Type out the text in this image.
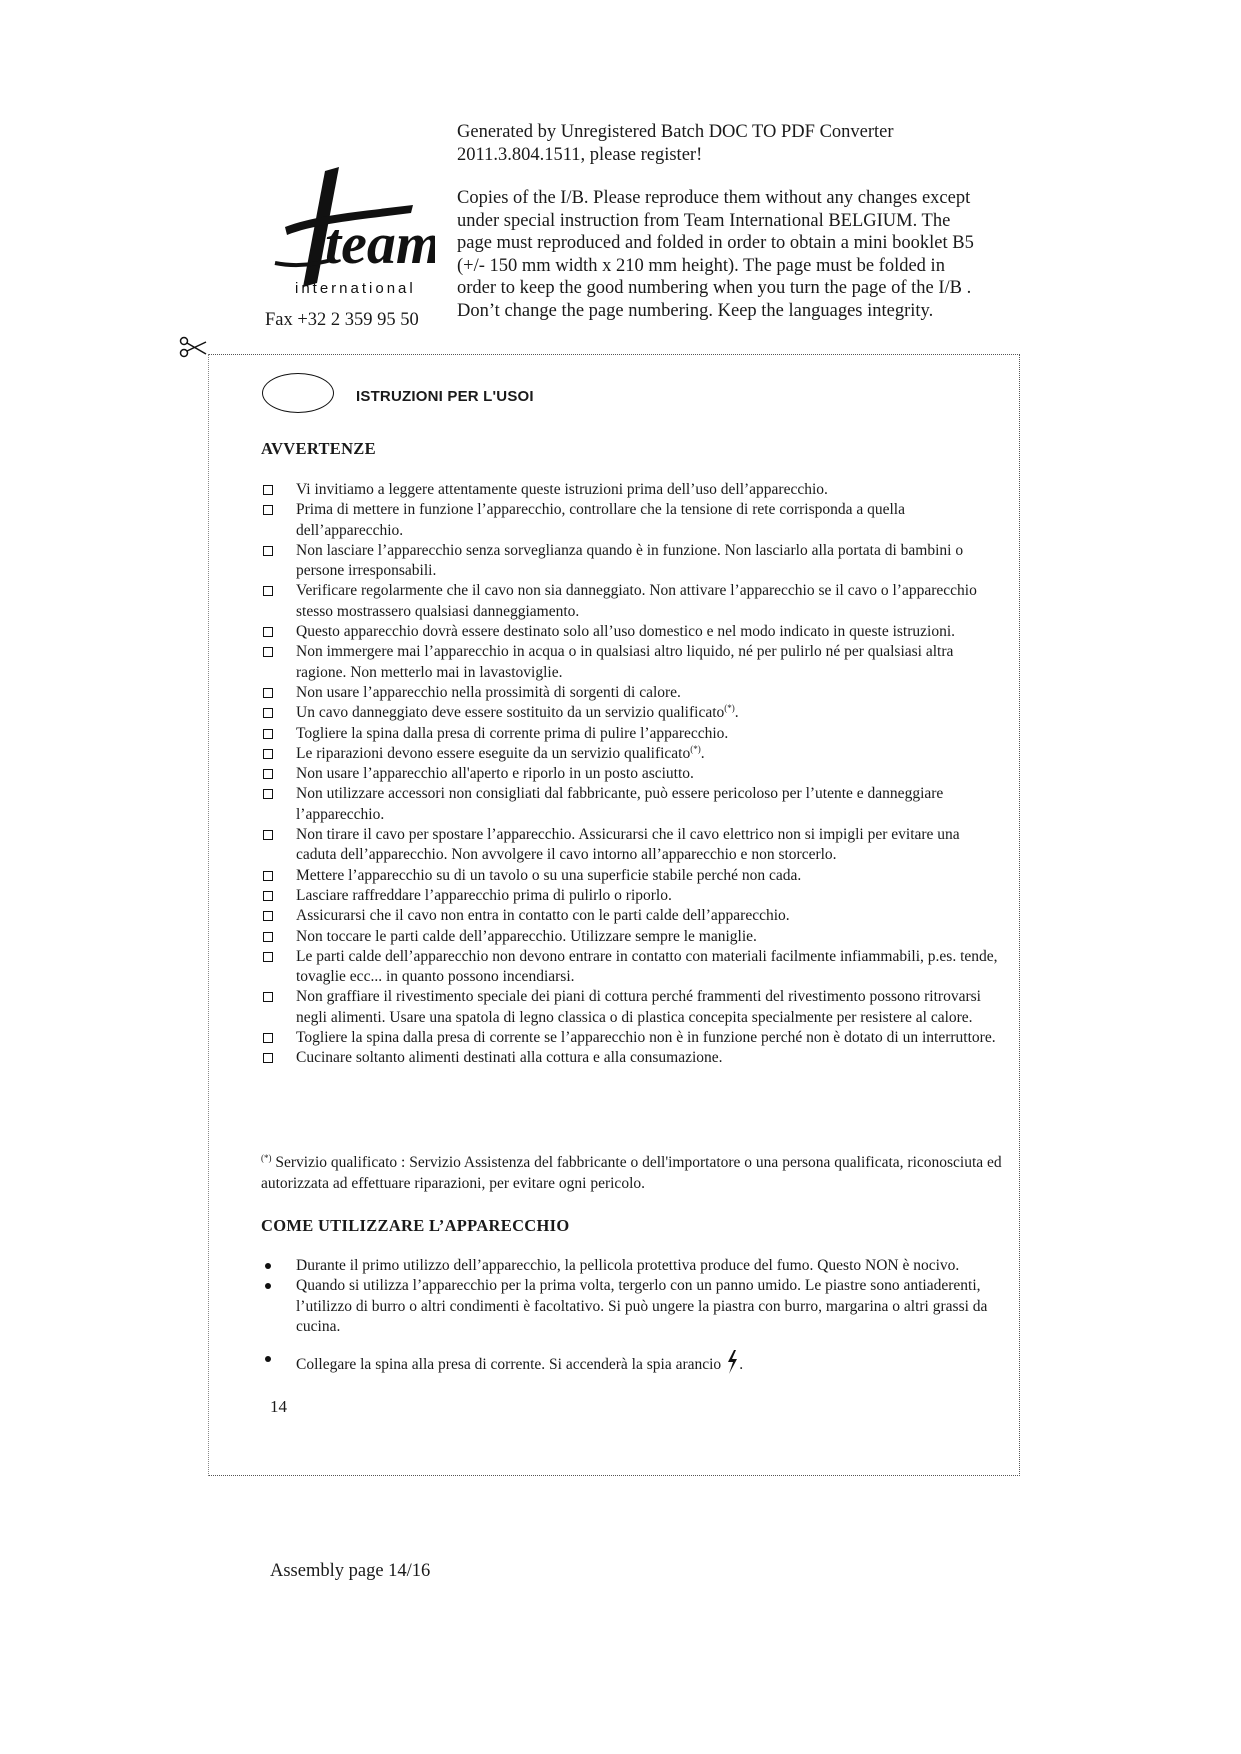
Generated by Unregistered Batch DOC TO PDF Converter

2011.3.804.1511, please register!

Copies of the I/B. Please reproduce them without any changes except under special instruction from Team International BELGIUM. The page must reproduced and folded in order to obtain a mini booklet B5 (+/- 150 mm width x 210 mm height). The page must be folded in order to keep the good numbering when you turn the page of the I/B . Don’t change the page numbering. Keep the languages integrity.

team
international
Fax +32 2 359 95 50
ISTRUZIONI PER L'USOI
AVVERTENZE
Vi invitiamo a leggere attentamente queste istruzioni prima dell’uso dell’apparecchio.
Prima di mettere in funzione l’apparecchio, controllare che la tensione di rete corrisponda a quella dell’apparecchio.
Non lasciare l’apparecchio senza sorveglianza quando è in funzione. Non lasciarlo alla portata di bambini o persone irresponsabili.
Verificare regolarmente che il cavo non sia danneggiato. Non attivare l’apparecchio se il cavo o l’apparecchio stesso mostrassero qualsiasi danneggiamento.
Questo apparecchio dovrà essere destinato solo all’uso domestico e nel modo indicato in queste istruzioni.
Non immergere mai l’apparecchio in acqua o in qualsiasi altro liquido, né per pulirlo né per qualsiasi altra ragione. Non metterlo mai in lavastoviglie.
Non usare l’apparecchio nella prossimità di sorgenti di calore.
Un cavo danneggiato deve essere sostituito da un servizio qualificato(*).
Togliere la spina dalla presa di corrente prima di pulire l’apparecchio.
Le riparazioni devono essere eseguite da un servizio qualificato(*).
Non usare l’apparecchio all'aperto e riporlo in un posto asciutto.
Non utilizzare accessori non consigliati dal fabbricante, può essere pericoloso per l’utente e danneggiare l’apparecchio.
Non tirare il cavo per spostare l’apparecchio. Assicurarsi che il cavo elettrico non si impigli per evitare una caduta dell’apparecchio. Non avvolgere il cavo intorno all’apparecchio e non storcerlo.
Mettere l’apparecchio su di un tavolo o su una superficie stabile perché non cada.
Lasciare raffreddare l’apparecchio prima di pulirlo o riporlo.
Assicurarsi che il cavo non entra in contatto con le parti calde dell’apparecchio.
Non toccare le parti calde dell’apparecchio. Utilizzare sempre le maniglie.
Le parti calde dell’apparecchio non devono entrare in contatto con materiali facilmente infiammabili, p.es. tende, tovaglie ecc... in quanto possono incendiarsi.
Non graffiare il rivestimento speciale dei piani di cottura perché frammenti del rivestimento possono ritrovarsi negli alimenti. Usare una spatola di legno classica o di plastica concepita specialmente per resistere al calore.
Togliere la spina dalla presa di corrente se l’apparecchio non è in funzione perché non è dotato di un interruttore.
Cucinare soltanto alimenti destinati alla cottura e alla consumazione.
(*) Servizio qualificato : Servizio Assistenza del fabbricante o dell'importatore o una persona qualificata, riconosciuta ed autorizzata ad effettuare riparazioni, per evitare ogni pericolo.
COME UTILIZZARE L’APPARECCHIO
Durante il primo utilizzo dell’apparecchio, la pellicola protettiva produce del fumo. Questo NON è nocivo.
Quando si utilizza l’apparecchio per la prima volta, tergerlo con un panno umido. Le piastre sono antiaderenti, l’utilizzo di burro o altri condimenti è facoltativo. Si può ungere la piastra con burro, margarina o altri grassi da cucina.
Collegare la spina alla presa di corrente. Si accenderà la spia arancio .
14
Assembly page 14/16
